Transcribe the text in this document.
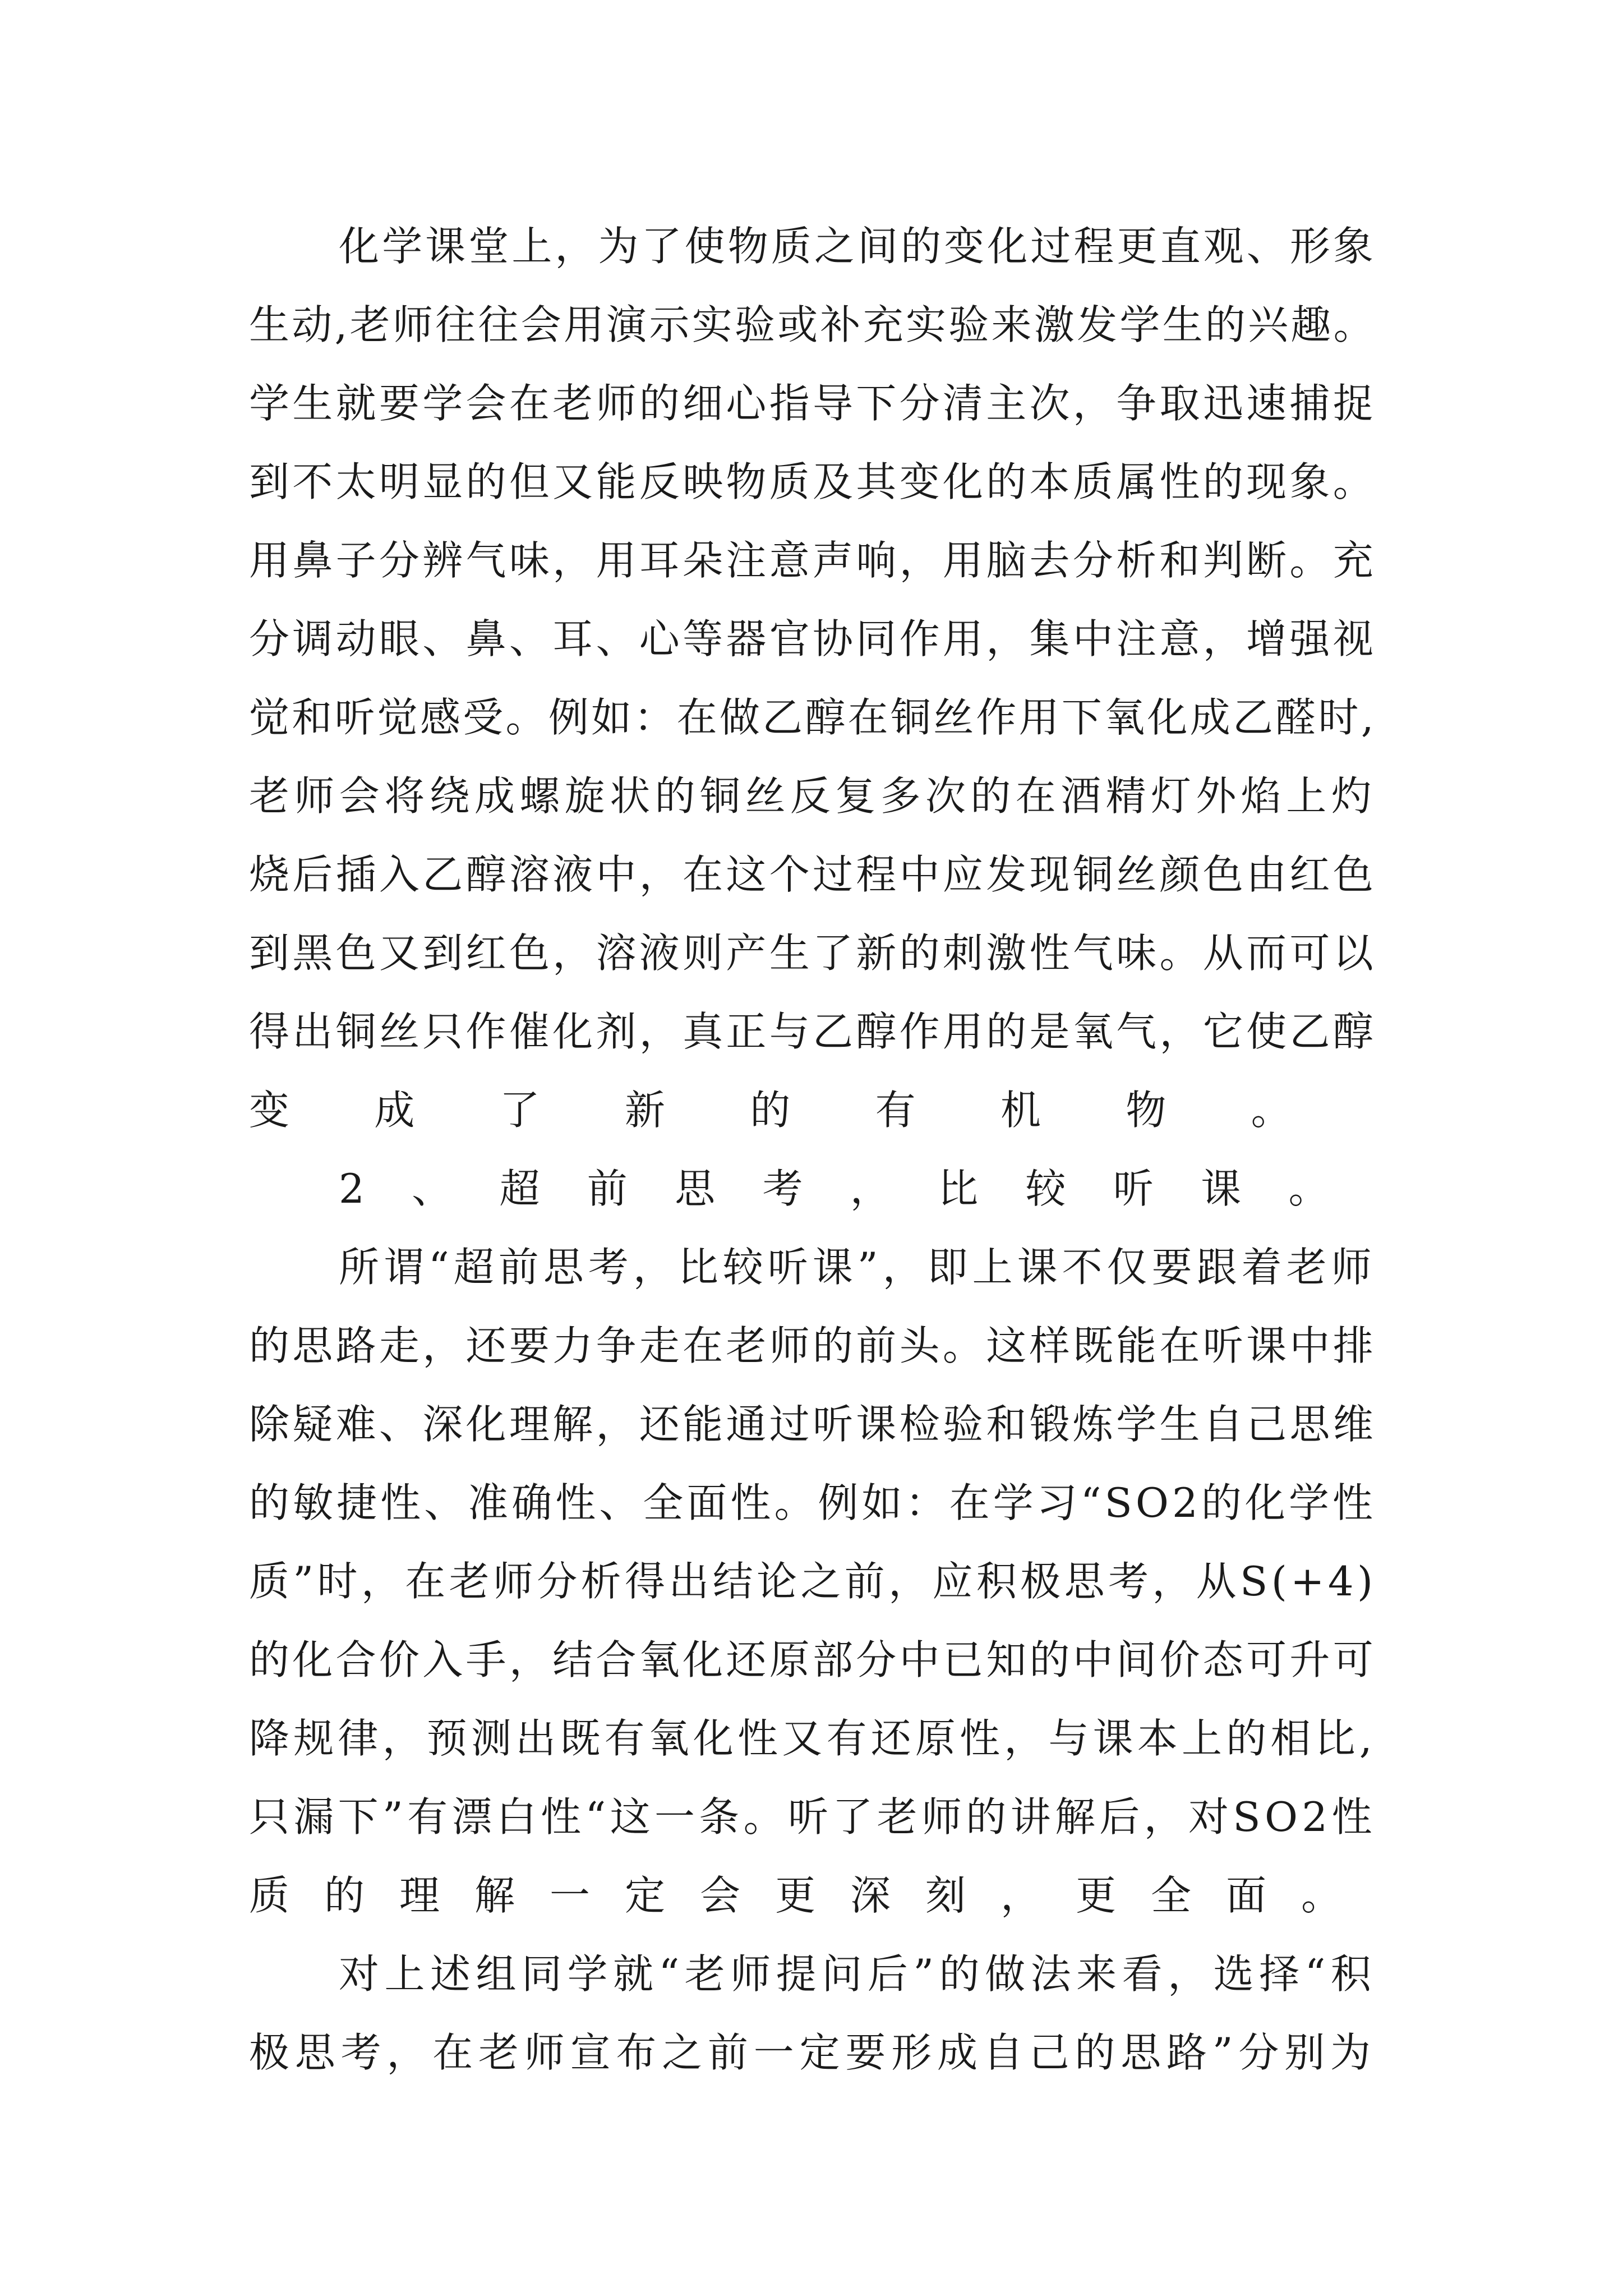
化学课堂上，为了使物质之间的变化过程更直观、形象

生动,老师往往会用演示实验或补充实验来激发学生的兴趣。

学生就要学会在老师的细心指导下分清主次，争取迅速捕捉

到不太明显的但又能反映物质及其变化的本质属性的现象。

用鼻子分辨气味，用耳朵注意声响，用脑去分析和判断。充

分调动眼、鼻、耳、心等器官协同作用，集中注意，增强视

觉和听觉感受。例如：在做乙醇在铜丝作用下氧化成乙醛时,

老师会将绕成螺旋状的铜丝反复多次的在酒精灯外焰上灼

烧后插入乙醇溶液中，在这个过程中应发现铜丝颜色由红色

到黑色又到红色，溶液则产生了新的刺激性气味。从而可以

得出铜丝只作催化剂，真正与乙醇作用的是氧气，它使乙醇

变成了新的有机物。

2、超前思考，比较听课。

所谓“超前思考，比较听课”，即上课不仅要跟着老师

的思路走，还要力争走在老师的前头。这样既能在听课中排

除疑难、深化理解，还能通过听课检验和锻炼学生自己思维

的敏捷性、准确性、全面性。例如：在学习“SO2的化学性

质”时，在老师分析得出结论之前，应积极思考，从S(+4)

的化合价入手，结合氧化还原部分中已知的中间价态可升可

降规律，预测出既有氧化性又有还原性，与课本上的相比,

只漏下”有漂白性“这一条。听了老师的讲解后，对SO2性

质的理解一定会更深刻，更全面。

对上述组同学就“老师提问后”的做法来看，选择“积

极思考，在老师宣布之前一定要形成自己的思路”分别为
